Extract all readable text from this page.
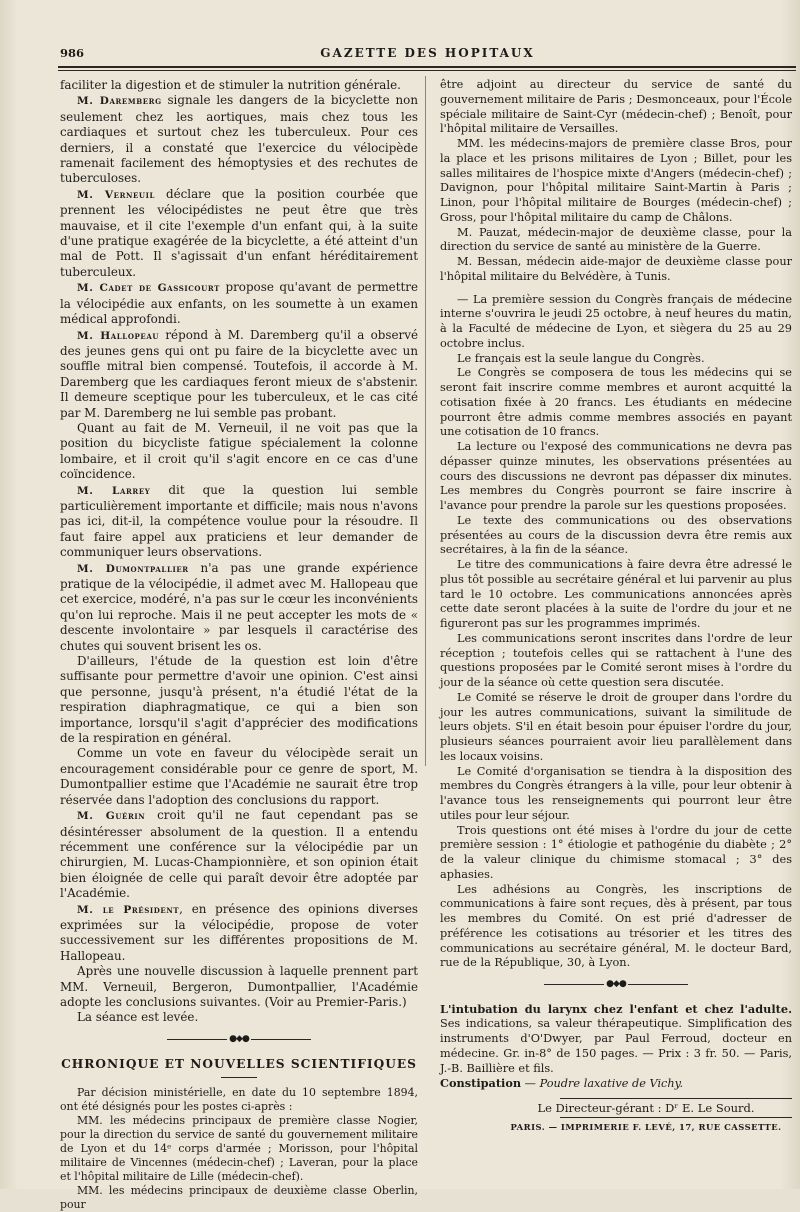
986	GAZETTE DES HOPITAUX

faciliter la digestion et de stimuler la nutrition générale.

M. Daremberg signale les dangers de la bicyclette non seulement chez les aortiques, mais chez tous les cardiaques et surtout chez les tuberculeux. Pour ces derniers, il a constaté que l'exercice du vélocipède ramenait facilement des hémoptysies et des rechutes de tuberculoses.

M. Verneuil déclare que la position courbée que prennent les vélocipédistes ne peut être que très mauvaise, et il cite l'exemple d'un enfant qui, à la suite d'une pratique exagérée de la bicyclette, a été atteint d'un mal de Pott. Il s'agissait d'un enfant héréditairement tuberculeux.

M. Cadet de Gassicourt propose qu'avant de permettre la vélocipédie aux enfants, on les soumette à un examen médical approfondi.

M. Hallopeau répond à M. Daremberg qu'il a observé des jeunes gens qui ont pu faire de la bicyclette avec un souffle mitral bien compensé. Toutefois, il accorde à M. Daremberg que les cardiaques feront mieux de s'abstenir. Il demeure sceptique pour les tuberculeux, et le cas cité par M. Daremberg ne lui semble pas probant.

Quant au fait de M. Verneuil, il ne voit pas que la position du bicycliste fatigue spécialement la colonne lombaire, et il croit qu'il s'agit encore en ce cas d'une coïncidence.

M. Larrey dit que la question lui semble particulièrement importante et difficile; mais nous n'avons pas ici, dit-il, la compétence voulue pour la résoudre. Il faut faire appel aux praticiens et leur demander de communiquer leurs observations.

M. Dumontpallier n'a pas une grande expérience pratique de la vélocipédie, il admet avec M. Hallopeau que cet exercice, modéré, n'a pas sur le cœur les inconvénients qu'on lui reproche. Mais il ne peut accepter les mots de « descente involontaire » par lesquels il caractérise des chutes qui souvent brisent les os.

D'ailleurs, l'étude de la question est loin d'être suffisante pour permettre d'avoir une opinion. C'est ainsi que personne, jusqu'à présent, n'a étudié l'état de la respiration diaphragmatique, ce qui a bien son importance, lorsqu'il s'agit d'apprécier des modifications de la respiration en général.

Comme un vote en faveur du vélocipède serait un encouragement considérable pour ce genre de sport, M. Dumontpallier estime que l'Académie ne saurait être trop réservée dans l'adoption des conclusions du rapport.

M. Guérin croit qu'il ne faut cependant pas se désintéresser absolument de la question. Il a entendu récemment une conférence sur la vélocipédie par un chirurgien, M. Lucas-Championnière, et son opinion était bien éloignée de celle qui paraît devoir être adoptée par l'Académie.

M. le Président, en présence des opinions diverses exprimées sur la vélocipédie, propose de voter successivement sur les différentes propositions de M. Hallopeau.

Après une nouvelle discussion à laquelle prennent part MM. Verneuil, Bergeron, Dumontpallier, l'Académie adopte les conclusions suivantes. (Voir au Premier-Paris.)

La séance est levée.

●◆●
CHRONIQUE ET NOUVELLES SCIENTIFIQUES

Par décision ministérielle, en date du 10 septembre 1894, ont été désignés pour les postes ci-après :

MM. les médecins principaux de première classe Nogier, pour la direction du service de santé du gouvernement militaire de Lyon et du 14ᵉ corps d'armée ; Morisson, pour l'hôpital militaire de Vincennes (médecin-chef) ; Laveran, pour la place et l'hôpital militaire de Lille (médecin-chef).

MM. les médecins principaux de deuxième classe Oberlin, pour

être adjoint au directeur du service de santé du gouvernement militaire de Paris ; Desmonceaux, pour l'École spéciale militaire de Saint-Cyr (médecin-chef) ; Benoît, pour l'hôpital militaire de Versailles.

MM. les médecins-majors de première classe Bros, pour la place et les prisons militaires de Lyon ; Billet, pour les salles militaires de l'hospice mixte d'Angers (médecin-chef) ; Davignon, pour l'hôpital militaire Saint-Martin à Paris ; Linon, pour l'hôpital militaire de Bourges (médecin-chef) ; Gross, pour l'hôpital militaire du camp de Châlons.

M. Pauzat, médecin-major de deuxième classe, pour la direction du service de santé au ministère de la Guerre.

M. Bessan, médecin aide-major de deuxième classe pour l'hôpital militaire du Belvédère, à Tunis.

— La première session du Congrès français de médecine interne s'ouvrira le jeudi 25 octobre, à neuf heures du matin, à la Faculté de médecine de Lyon, et siègera du 25 au 29 octobre inclus.

Le français est la seule langue du Congrès.

Le Congrès se composera de tous les médecins qui se seront fait inscrire comme membres et auront acquitté la cotisation fixée à 20 francs. Les étudiants en médecine pourront être admis comme membres associés en payant une cotisation de 10 francs.

La lecture ou l'exposé des communications ne devra pas dépasser quinze minutes, les observations présentées au cours des discussions ne devront pas dépasser dix minutes. Les membres du Congrès pourront se faire inscrire à l'avance pour prendre la parole sur les questions proposées.

Le texte des communications ou des observations présentées au cours de la discussion devra être remis aux secrétaires, à la fin de la séance.

Le titre des communications à faire devra être adressé le plus tôt possible au secrétaire général et lui parvenir au plus tard le 10 octobre. Les communications annoncées après cette date seront placées à la suite de l'ordre du jour et ne figureront pas sur les programmes imprimés.

Les communications seront inscrites dans l'ordre de leur réception ; toutefois celles qui se rattachent à l'une des questions proposées par le Comité seront mises à l'ordre du jour de la séance où cette question sera discutée.

Le Comité se réserve le droit de grouper dans l'ordre du jour les autres communications, suivant la similitude de leurs objets. S'il en était besoin pour épuiser l'ordre du jour, plusieurs séances pourraient avoir lieu parallèlement dans les locaux voisins.

Le Comité d'organisation se tiendra à la disposition des membres du Congrès étrangers à la ville, pour leur obtenir à l'avance tous les renseignements qui pourront leur être utiles pour leur séjour.

Trois questions ont été mises à l'ordre du jour de cette première session : 1° étiologie et pathogénie du diabète ; 2° de la valeur clinique du chimisme stomacal ; 3° des aphasies.

Les adhésions au Congrès, les inscriptions de communications à faire sont reçues, dès à présent, par tous les membres du Comité. On est prié d'adresser de préférence les cotisations au trésorier et les titres des communications au secrétaire général, M. le docteur Bard, rue de la République, 30, à Lyon.

●◆●

L'intubation du larynx chez l'enfant et chez l'adulte. Ses indications, sa valeur thérapeutique. Simplification des instruments d'O'Dwyer, par Paul Ferroud, docteur en médecine. Gr. in-8° de 150 pages. — Prix : 3 fr. 50. — Paris, J.-B. Baillière et fils.

Constipation — Poudre laxative de Vichy.

Le Directeur-gérant : Dʳ E. Le Sourd.
PARIS. — IMPRIMERIE F. LEVÉ, 17, RUE CASSETTE.
